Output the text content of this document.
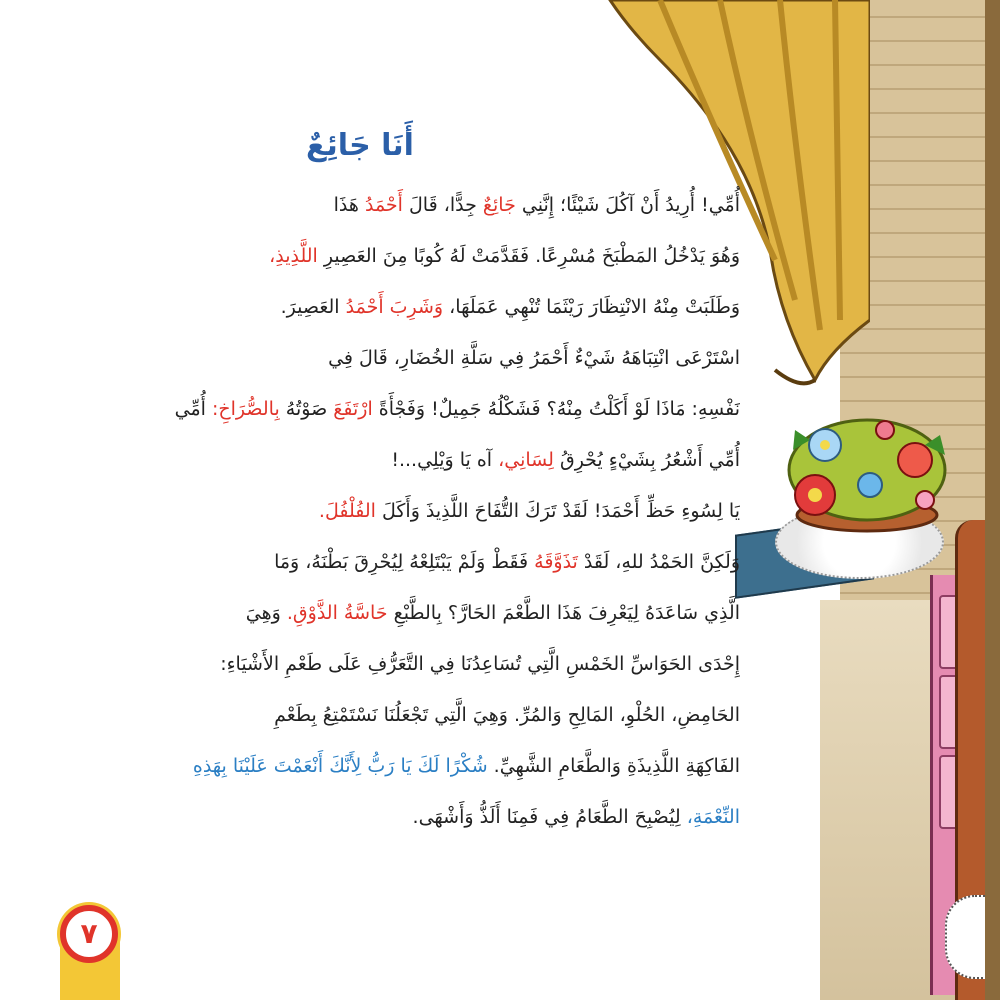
أَنَا جَائِعٌ
أُمِّي! أُرِيدُ أَنْ آكُلَ شَيْئًا؛ إِنَّنِي جَائِعٌ جِدًّا، قَالَ أَحْمَدُ هَذَا
وَهُوَ يَدْخُلُ المَطْبَخَ مُسْرِعًا. فَقَدَّمَتْ لَهُ كُوبًا مِنَ العَصِيرِ اللَّذِيذِ،
وَطَلَبَتْ مِنْهُ الانْتِظَارَ رَيْثَمَا تُنْهِي عَمَلَهَا، وَشَرِبَ أَحْمَدُ العَصِيرَ.
اسْتَرْعَى انْتِبَاهَهُ شَيْءٌ أَحْمَرُ فِي سَلَّةِ الخُضَارِ، قَالَ فِي
نَفْسِهِ: مَاذَا لَوْ أَكَلْتُ مِنْهُ؟ فَشَكْلُهُ جَمِيلٌ! وَفَجْأَةً ارْتَفَعَ صَوْتُهُ بِالصُّرَاخِ: أُمِّي
أُمِّي أَشْعُرُ بِشَيْءٍ يُحْرِقُ لِسَانِي، آه يَا وَيْلِي...!
يَا لِسُوءِ حَظِّ أَحْمَدَ! لَقَدْ تَرَكَ التُّفَاحَ اللَّذِيذَ وَأَكَلَ الفُلْفُلَ.
وَلَكِنَّ الحَمْدُ للهِ، لَقَدْ تَذَوَّقَهُ فَقَطْ وَلَمْ يَبْتَلِعْهُ لِيُحْرِقَ بَطْنَهُ، وَمَا
الَّذِي سَاعَدَهُ لِيَعْرِفَ هَذَا الطَّعْمَ الحَارَّ؟ بِالطَّبْعِ حَاسَّةُ الذَّوْقِ. وَهِيَ
إِحْدَى الحَوَاسِّ الخَمْسِ الَّتِي تُسَاعِدُنَا فِي التَّعَرُّفِ عَلَى طَعْمِ الأَشْيَاءِ:
الحَامِضِ، الحُلْوِ، المَالِحِ وَالمُرِّ. وَهِيَ الَّتِي تَجْعَلُنَا نَسْتَمْتِعُ بِطَعْمِ
الفَاكِهَةِ اللَّذِيذَةِ وَالطَّعَامِ الشَّهِيِّ. شُكْرًا لَكَ يَا رَبُّ لِأَنَّكَ أَنْعَمْتَ عَلَيْنَا بِهَذِهِ
النِّعْمَةِ، لِيُصْبِحَ الطَّعَامُ فِي فَمِنَا أَلَذُّ وَأَشْهَى.
٧
